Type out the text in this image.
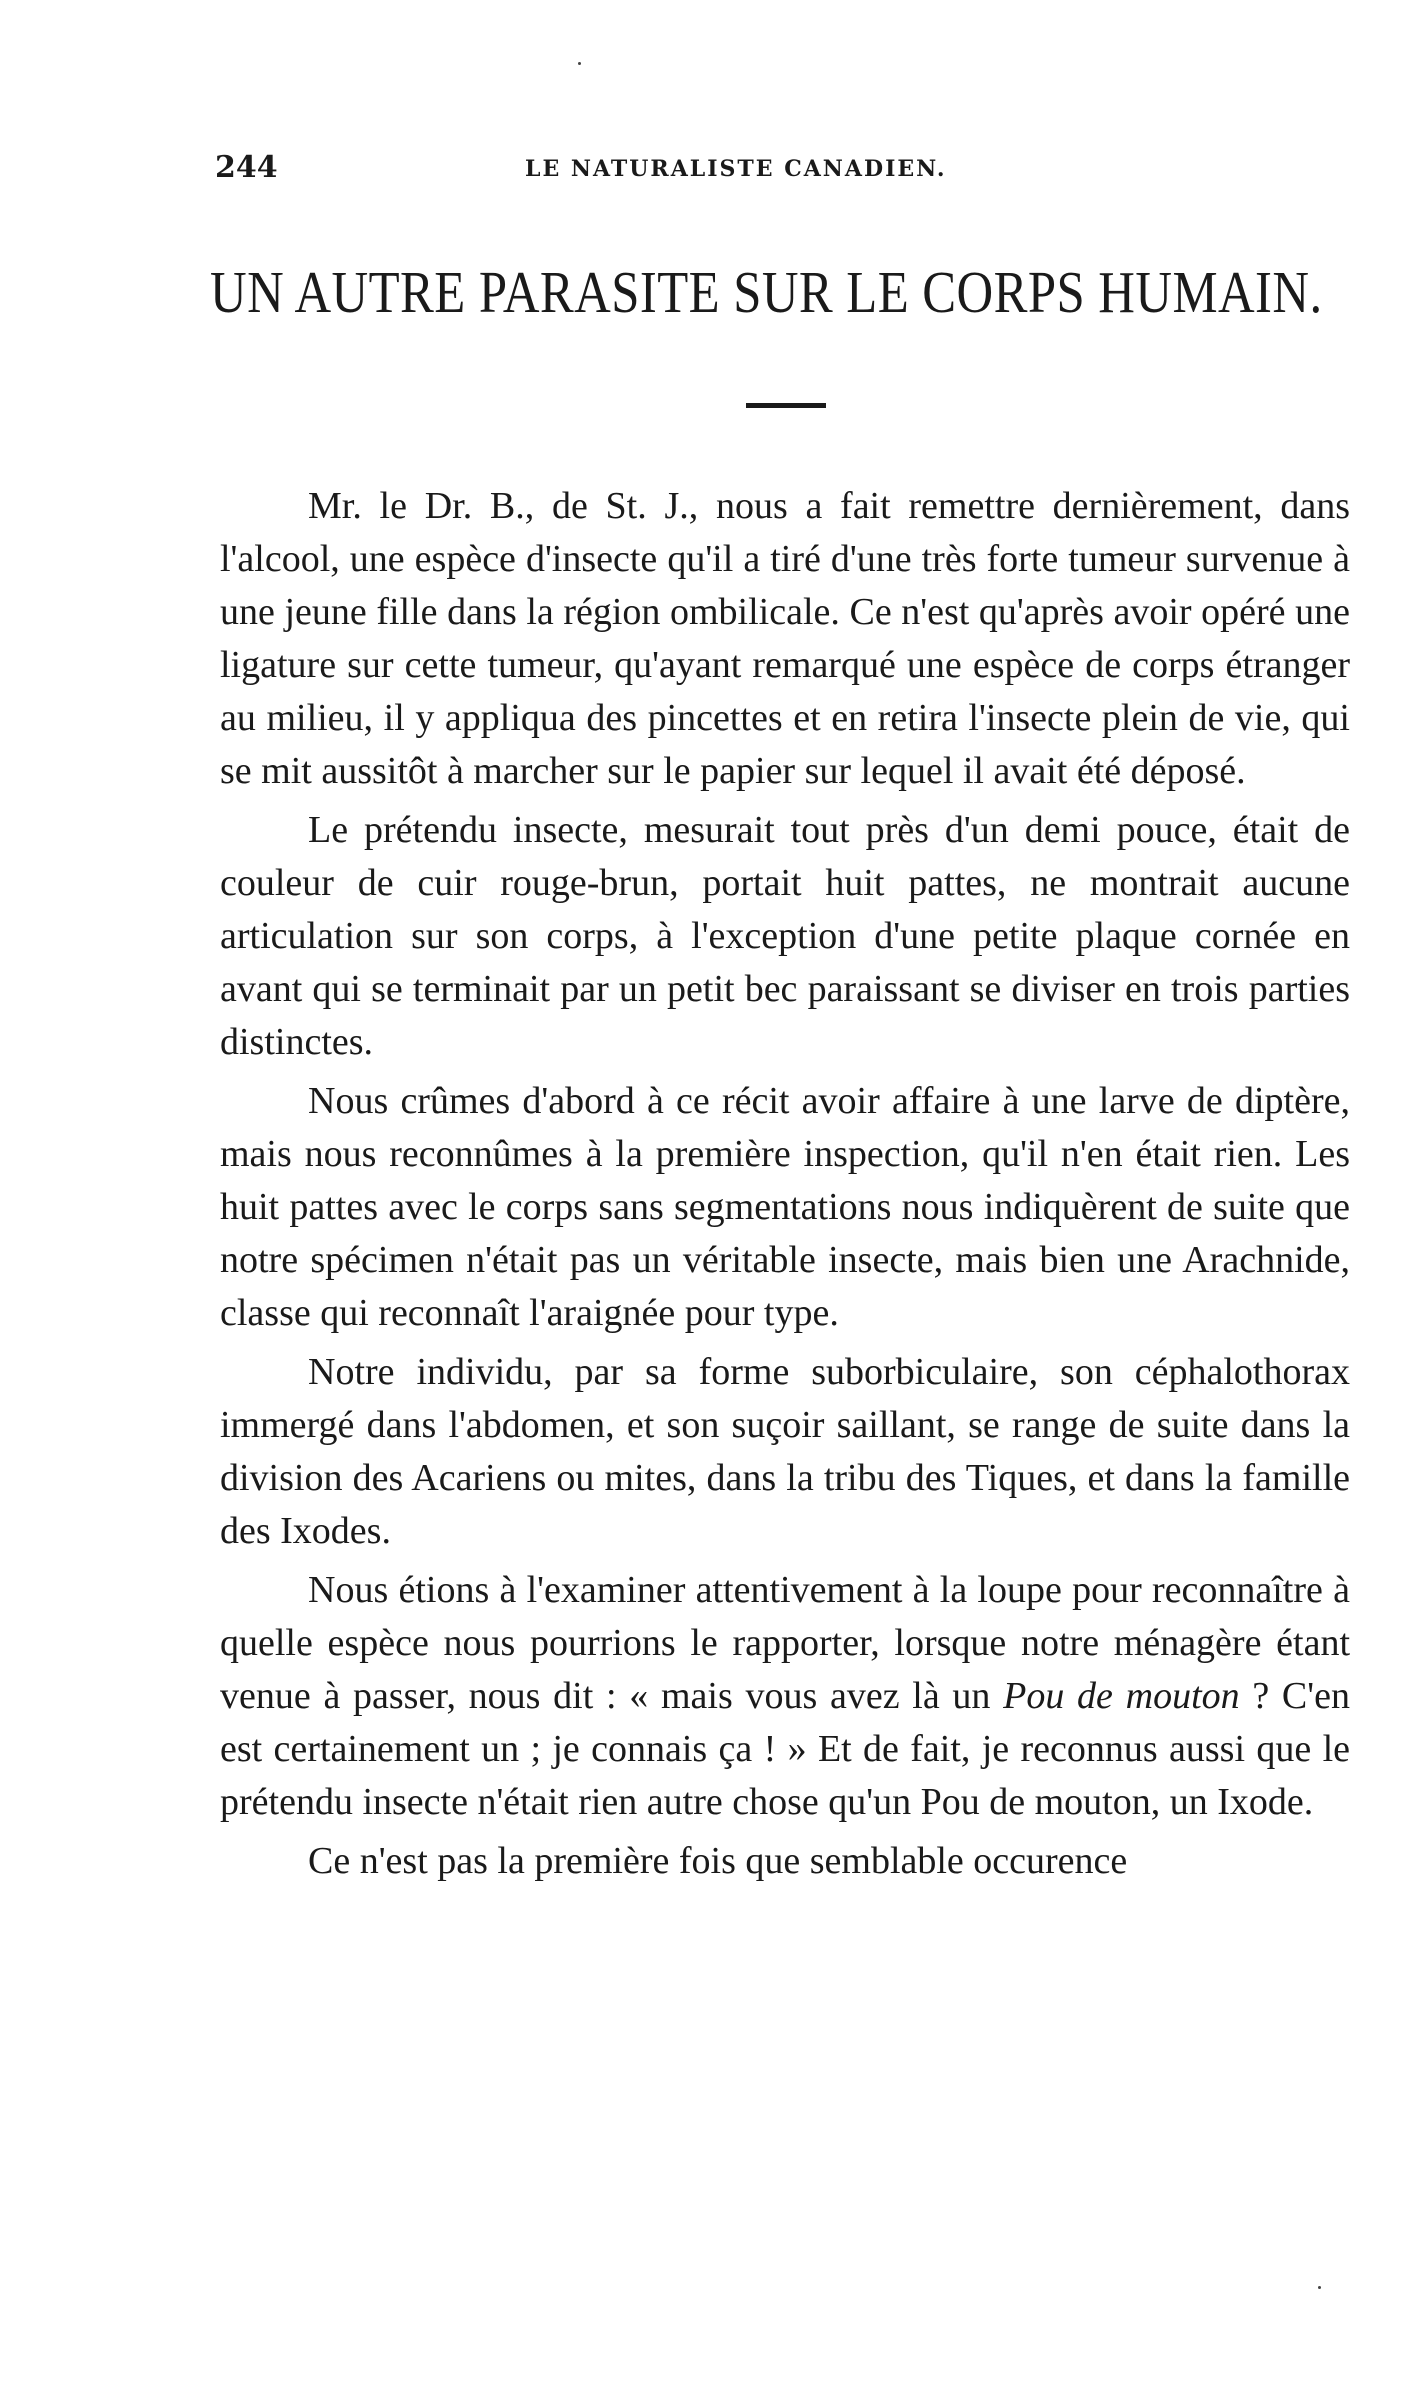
244	LE NATURALISTE CANADIEN.
UN AUTRE PARASITE SUR LE CORPS HUMAIN.

Mr. le Dr. B., de St. J., nous a fait remettre dernièrement, dans l'alcool, une espèce d'insecte qu'il a tiré d'une très forte tumeur survenue à une jeune fille dans la région ombilicale. Ce n'est qu'après avoir opéré une ligature sur cette tumeur, qu'ayant remarqué une espèce de corps étranger au milieu, il y appliqua des pincettes et en retira l'insecte plein de vie, qui se mit aussitôt à marcher sur le papier sur lequel il avait été déposé.

Le prétendu insecte, mesurait tout près d'un demi pouce, était de couleur de cuir rouge-brun, portait huit pattes, ne montrait aucune articulation sur son corps, à l'exception d'une petite plaque cornée en avant qui se terminait par un petit bec paraissant se diviser en trois parties distinctes.

Nous crûmes d'abord à ce récit avoir affaire à une larve de diptère, mais nous reconnûmes à la première inspection, qu'il n'en était rien. Les huit pattes avec le corps sans segmentations nous indiquèrent de suite que notre spécimen n'était pas un véritable insecte, mais bien une Arachnide, classe qui reconnaît l'araignée pour type.

Notre individu, par sa forme suborbiculaire, son céphalothorax immergé dans l'abdomen, et son suçoir saillant, se range de suite dans la division des Acariens ou mites, dans la tribu des Tiques, et dans la famille des Ixodes.

Nous étions à l'examiner attentivement à la loupe pour reconnaître à quelle espèce nous pourrions le rapporter, lorsque notre ménagère étant venue à passer, nous dit : « mais vous avez là un Pou de mouton ? C'en est certainement un ; je connais ça ! » Et de fait, je reconnus aussi que le prétendu insecte n'était rien autre chose qu'un Pou de mouton, un Ixode.

Ce n'est pas la première fois que semblable occurence
